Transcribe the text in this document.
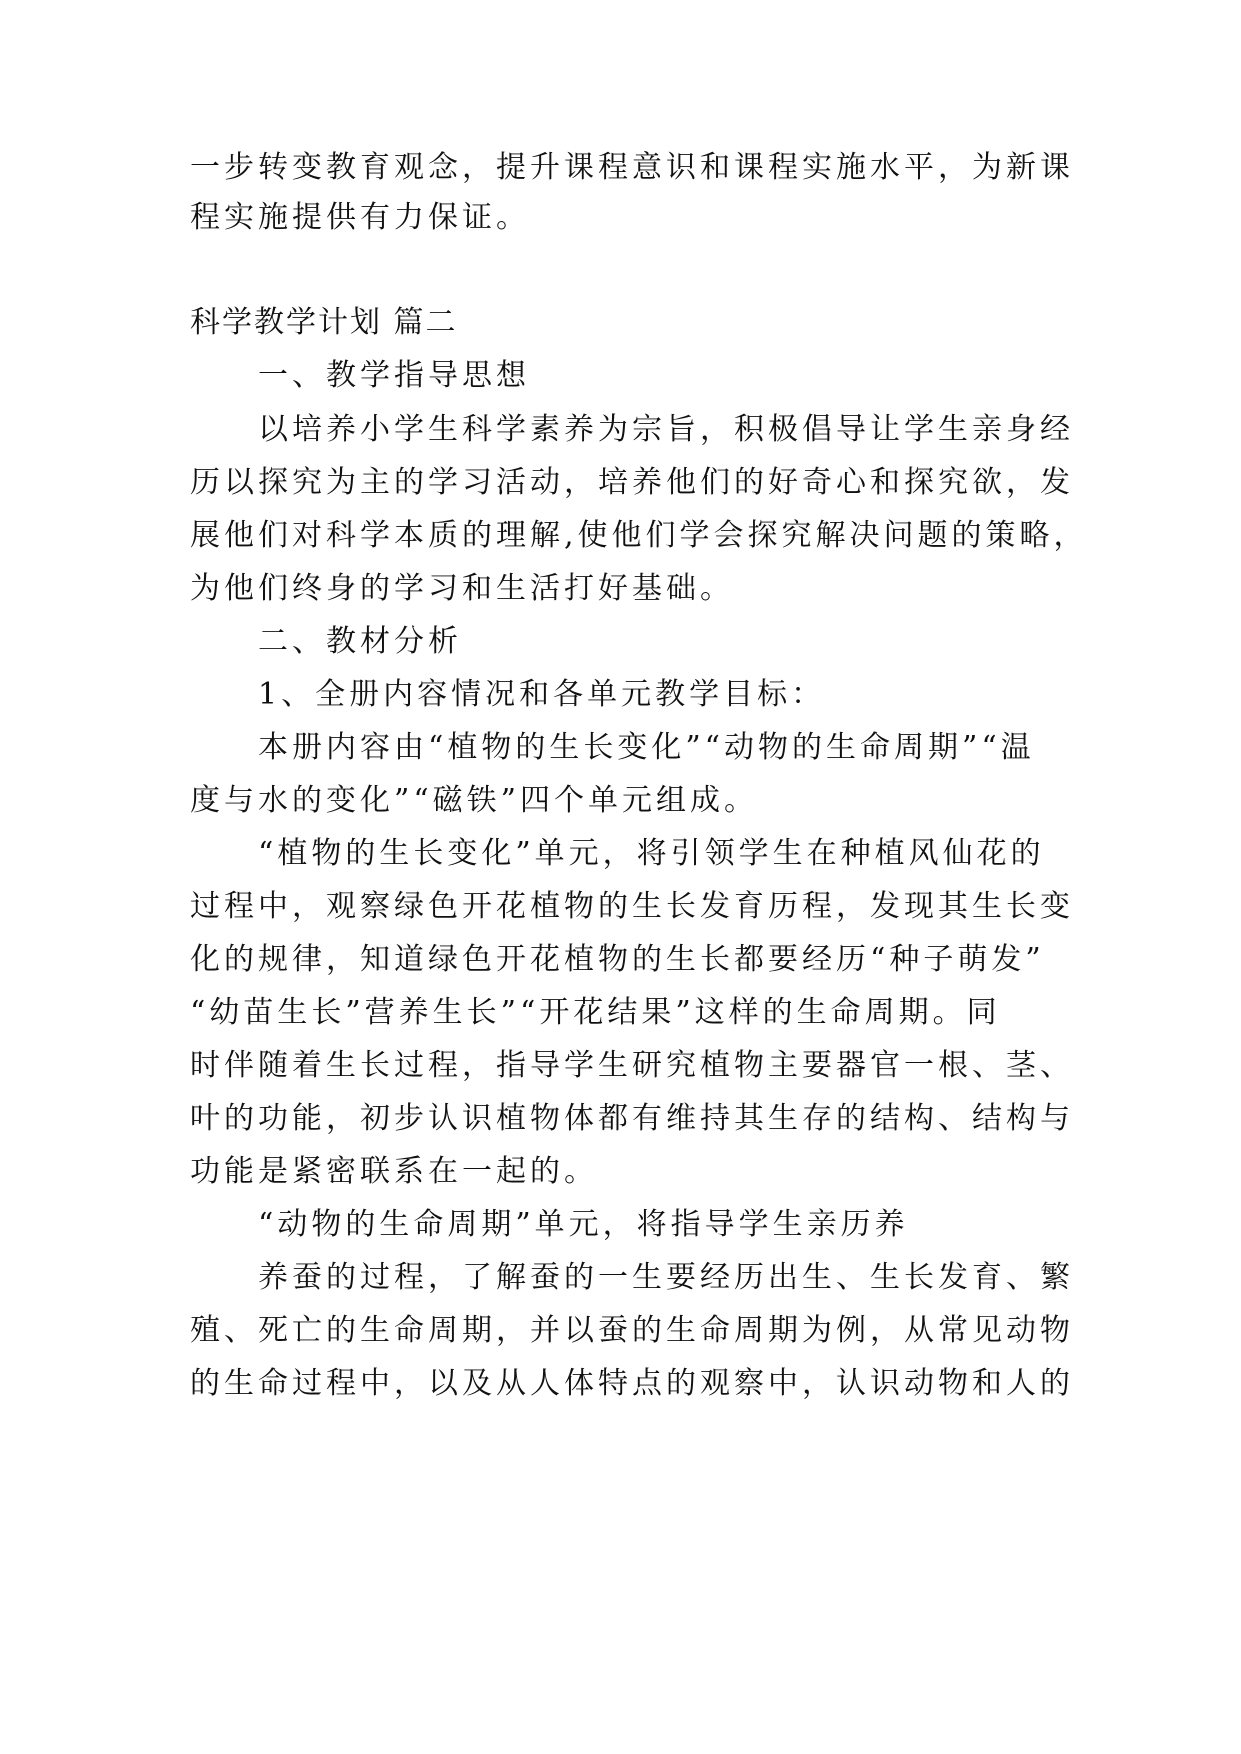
一步转变教育观念，提升课程意识和课程实施水平，为新课
程实施提供有力保证。
科学教学计划 篇二
一、教学指导思想
以培养小学生科学素养为宗旨，积极倡导让学生亲身经
历以探究为主的学习活动，培养他们的好奇心和探究欲，发
展他们对科学本质的理解,使他们学会探究解决问题的策略，
为他们终身的学习和生活打好基础。
二、教材分析
1、全册内容情况和各单元教学目标：
本册内容由“植物的生长变化”“动物的生命周期”“温
度与水的变化”“磁铁”四个单元组成。
“植物的生长变化”单元，将引领学生在种植风仙花的
过程中，观察绿色开花植物的生长发育历程，发现其生长变
化的规律，知道绿色开花植物的生长都要经历“种子萌发”
“幼苗生长”营养生长”“开花结果”这样的生命周期。同
时伴随着生长过程，指导学生研究植物主要器官一根、茎、
叶的功能，初步认识植物体都有维持其生存的结构、结构与
功能是紧密联系在一起的。
“动物的生命周期”单元，将指导学生亲历养
养蚕的过程，了解蚕的一生要经历出生、生长发育、繁
殖、死亡的生命周期，并以蚕的生命周期为例，从常见动物
的生命过程中，以及从人体特点的观察中，认识动物和人的
